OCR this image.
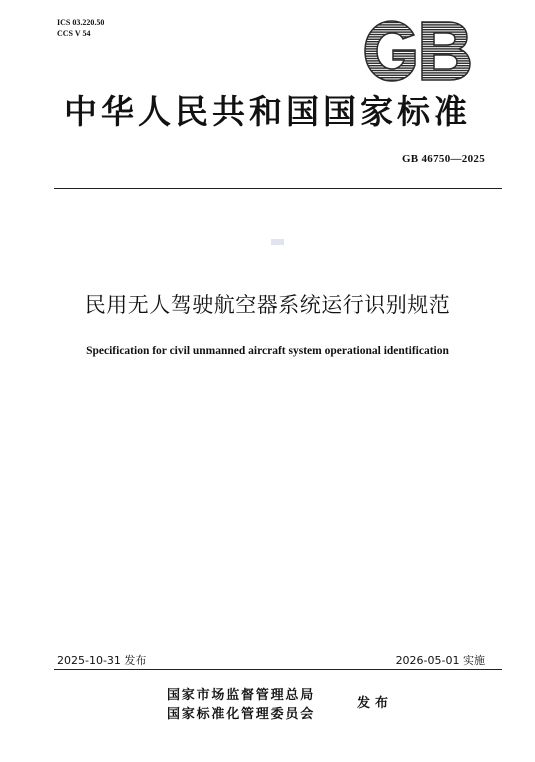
ICS 03.220.50
CCS V 54
中华人民共和国国家标准
GB 46750—2025
民用无人驾驶航空器系统运行识别规范
Specification for civil unmanned aircraft system operational identification
2025-10-31 发布	2026-05-01 实施
国家市场监督管理总局
国家标准化管理委员会
发布
